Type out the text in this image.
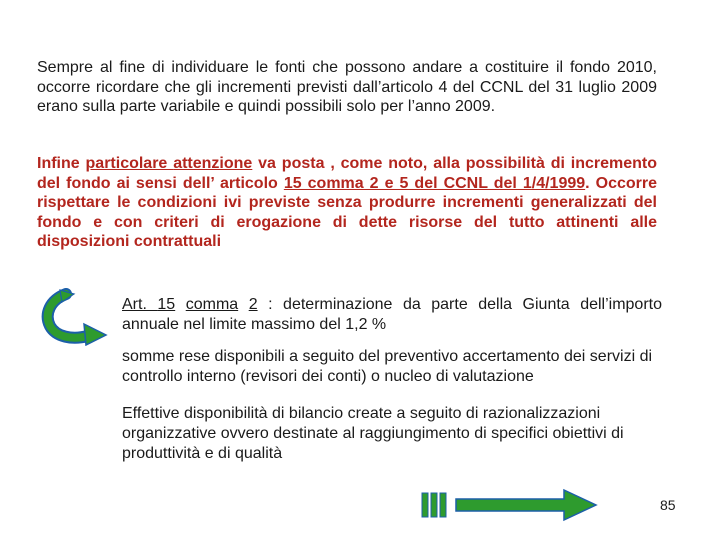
Sempre al fine di individuare le fonti che possono andare a costituire il fondo 2010, occorre ricordare che gli incrementi previsti dall’articolo 4 del CCNL del 31 luglio 2009 erano sulla parte variabile e quindi possibili solo per l’anno 2009.
Infine particolare attenzione va posta , come noto, alla possibilità di incremento del fondo ai sensi dell’ articolo 15 comma 2 e 5 del CCNL del 1/4/1999. Occorre rispettare le condizioni ivi previste senza produrre incrementi generalizzati del fondo e con criteri di erogazione di dette risorse del tutto attinenti alle disposizioni contrattuali
Art. 15 comma 2 : determinazione da parte della Giunta dell’importo annuale nel limite massimo del 1,2 %
somme rese disponibili a seguito del preventivo accertamento dei servizi di controllo interno (revisori dei conti) o nucleo di valutazione
Effettive disponibilità di bilancio create a seguito di razionalizzazioni organizzative ovvero destinate al raggiungimento di specifici obiettivi di produttività e di qualità
85
